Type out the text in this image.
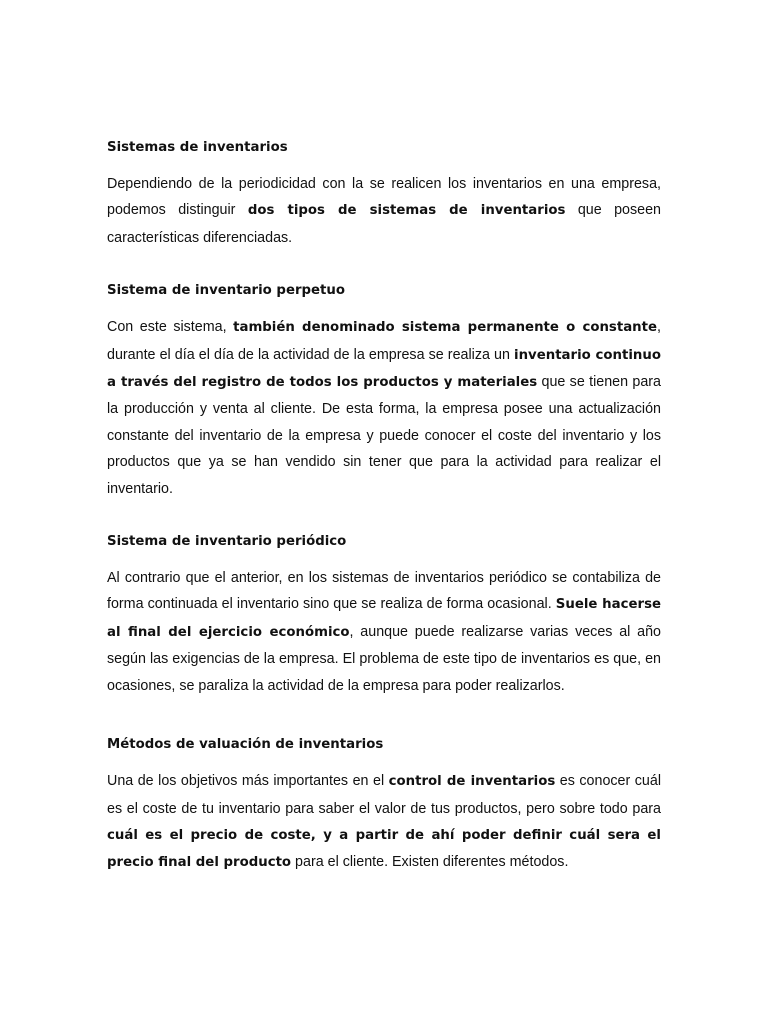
Sistemas de inventarios

Dependiendo de la periodicidad con la se realicen los inventarios en una empresa, podemos distinguir dos tipos de sistemas de inventarios que poseen características diferenciadas.

Sistema de inventario perpetuo

Con este sistema, también denominado sistema permanente o constante, durante el día el día de la actividad de la empresa se realiza un inventario continuo a través del registro de todos los productos y materiales que se tienen para la producción y venta al cliente. De esta forma, la empresa posee una actualización constante del inventario de la empresa y puede conocer el coste del inventario y los productos que ya se han vendido sin tener que para la actividad para realizar el inventario.

Sistema de inventario periódico

Al contrario que el anterior, en los sistemas de inventarios periódico se contabiliza de forma continuada el inventario sino que se realiza de forma ocasional. Suele hacerse al final del ejercicio económico, aunque puede realizarse varias veces al año según las exigencias de la empresa. El problema de este tipo de inventarios es que, en ocasiones, se paraliza la actividad de la empresa para poder realizarlos.

Métodos de valuación de inventarios

Una de los objetivos más importantes en el control de inventarios es conocer cuál es el coste de tu inventario para saber el valor de tus productos, pero sobre todo para cuál es el precio de coste, y a partir de ahí poder definir cuál sera el precio final del producto para el cliente. Existen diferentes métodos.
